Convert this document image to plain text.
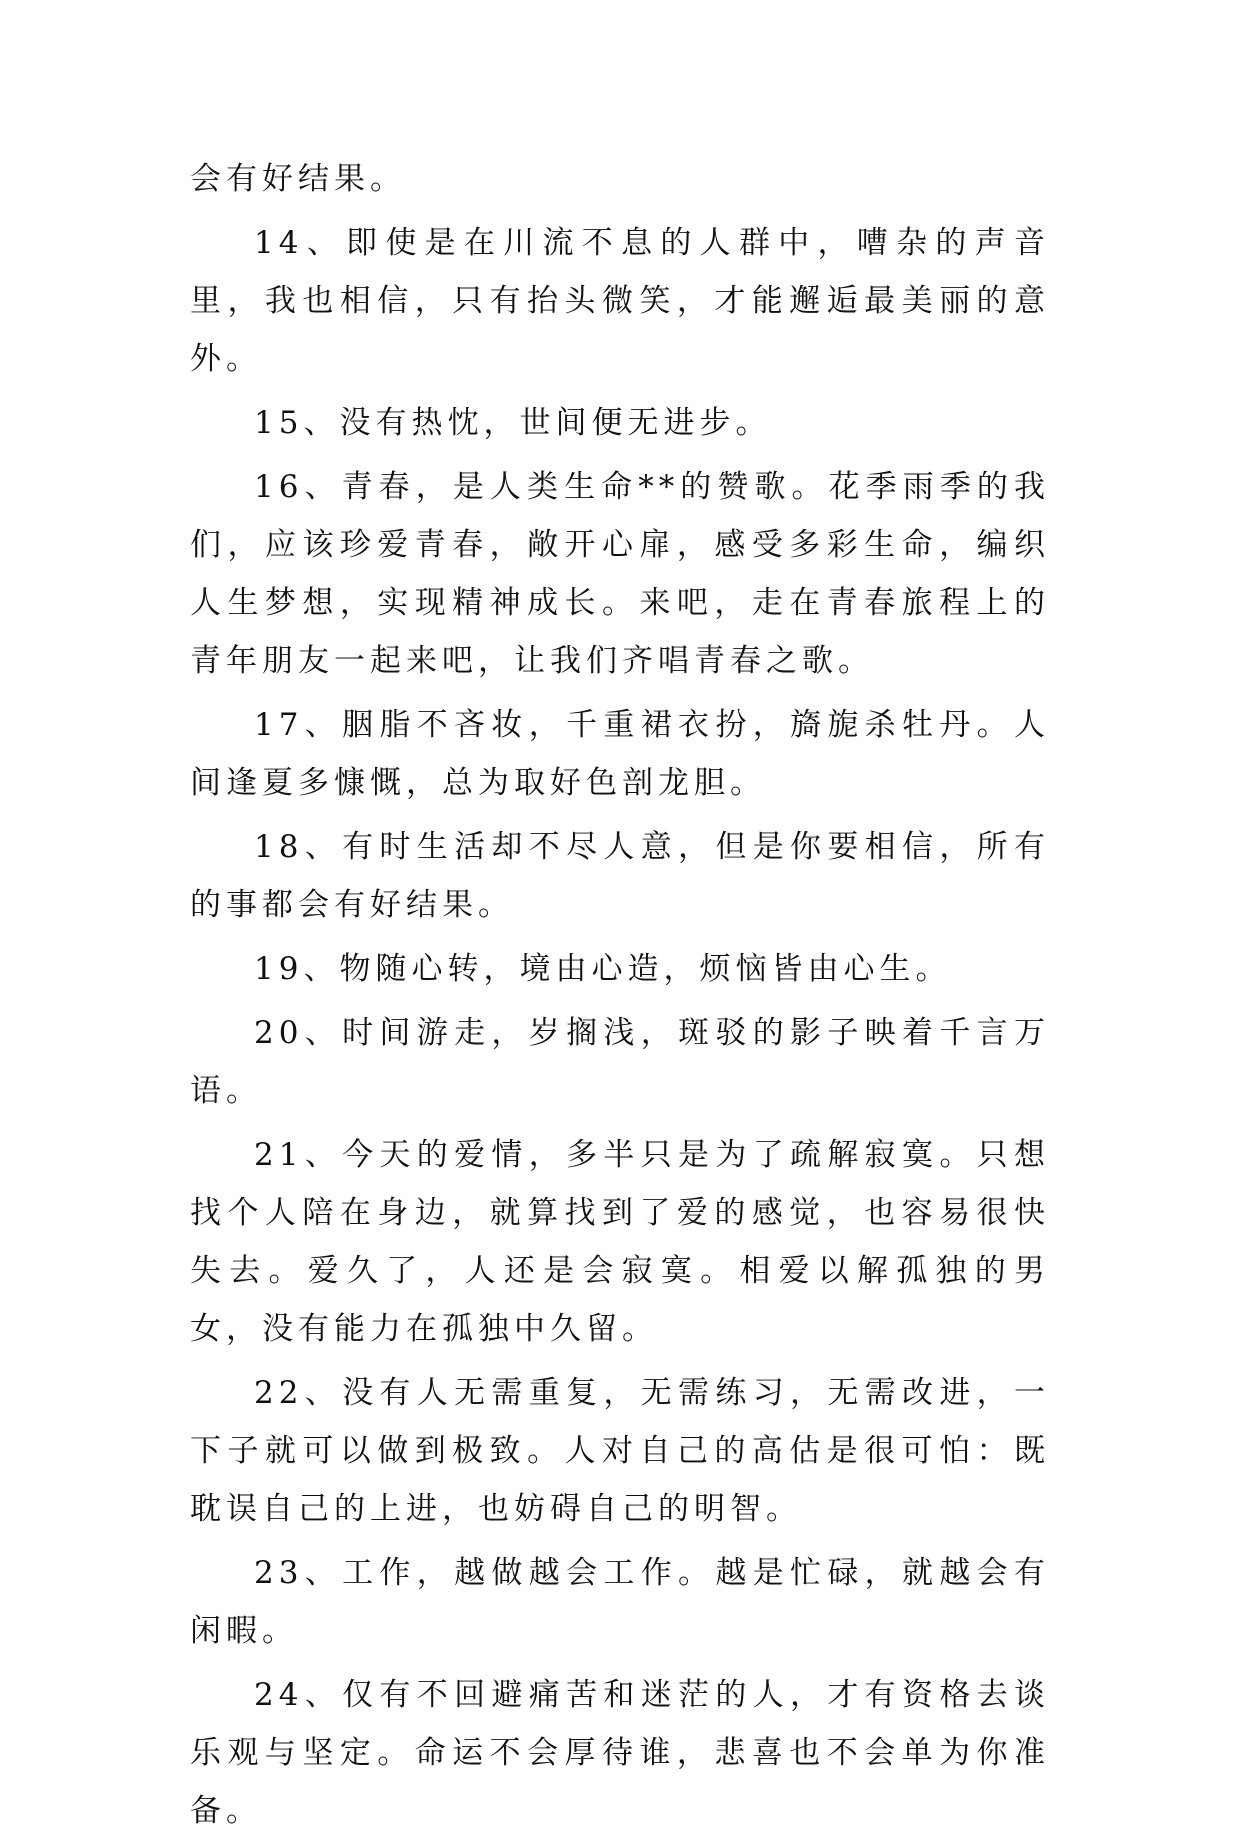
会有好结果。

14、即使是在川流不息的人群中，嘈杂的声音里，我也相信，只有抬头微笑，才能邂逅最美丽的意外。

15、没有热忱，世间便无进步。

16、青春，是人类生命**的赞歌。花季雨季的我们，应该珍爱青春，敞开心扉，感受多彩生命，编织人生梦想，实现精神成长。来吧，走在青春旅程上的青年朋友一起来吧，让我们齐唱青春之歌。

17、胭脂不吝妆，千重裙衣扮，旖旎杀牡丹。人间逢夏多慷慨，总为取好色剖龙胆。

18、有时生活却不尽人意，但是你要相信，所有的事都会有好结果。

19、物随心转，境由心造，烦恼皆由心生。

20、时间游走，岁搁浅，斑驳的影子映着千言万语。

21、今天的爱情，多半只是为了疏解寂寞。只想找个人陪在身边，就算找到了爱的感觉，也容易很快失去。爱久了，人还是会寂寞。相爱以解孤独的男女，没有能力在孤独中久留。

22、没有人无需重复，无需练习，无需改进，一下子就可以做到极致。人对自己的高估是很可怕：既耽误自己的上进，也妨碍自己的明智。

23、工作，越做越会工作。越是忙碌，就越会有闲暇。

24、仅有不回避痛苦和迷茫的人，才有资格去谈乐观与坚定。命运不会厚待谁，悲喜也不会单为你准备。
